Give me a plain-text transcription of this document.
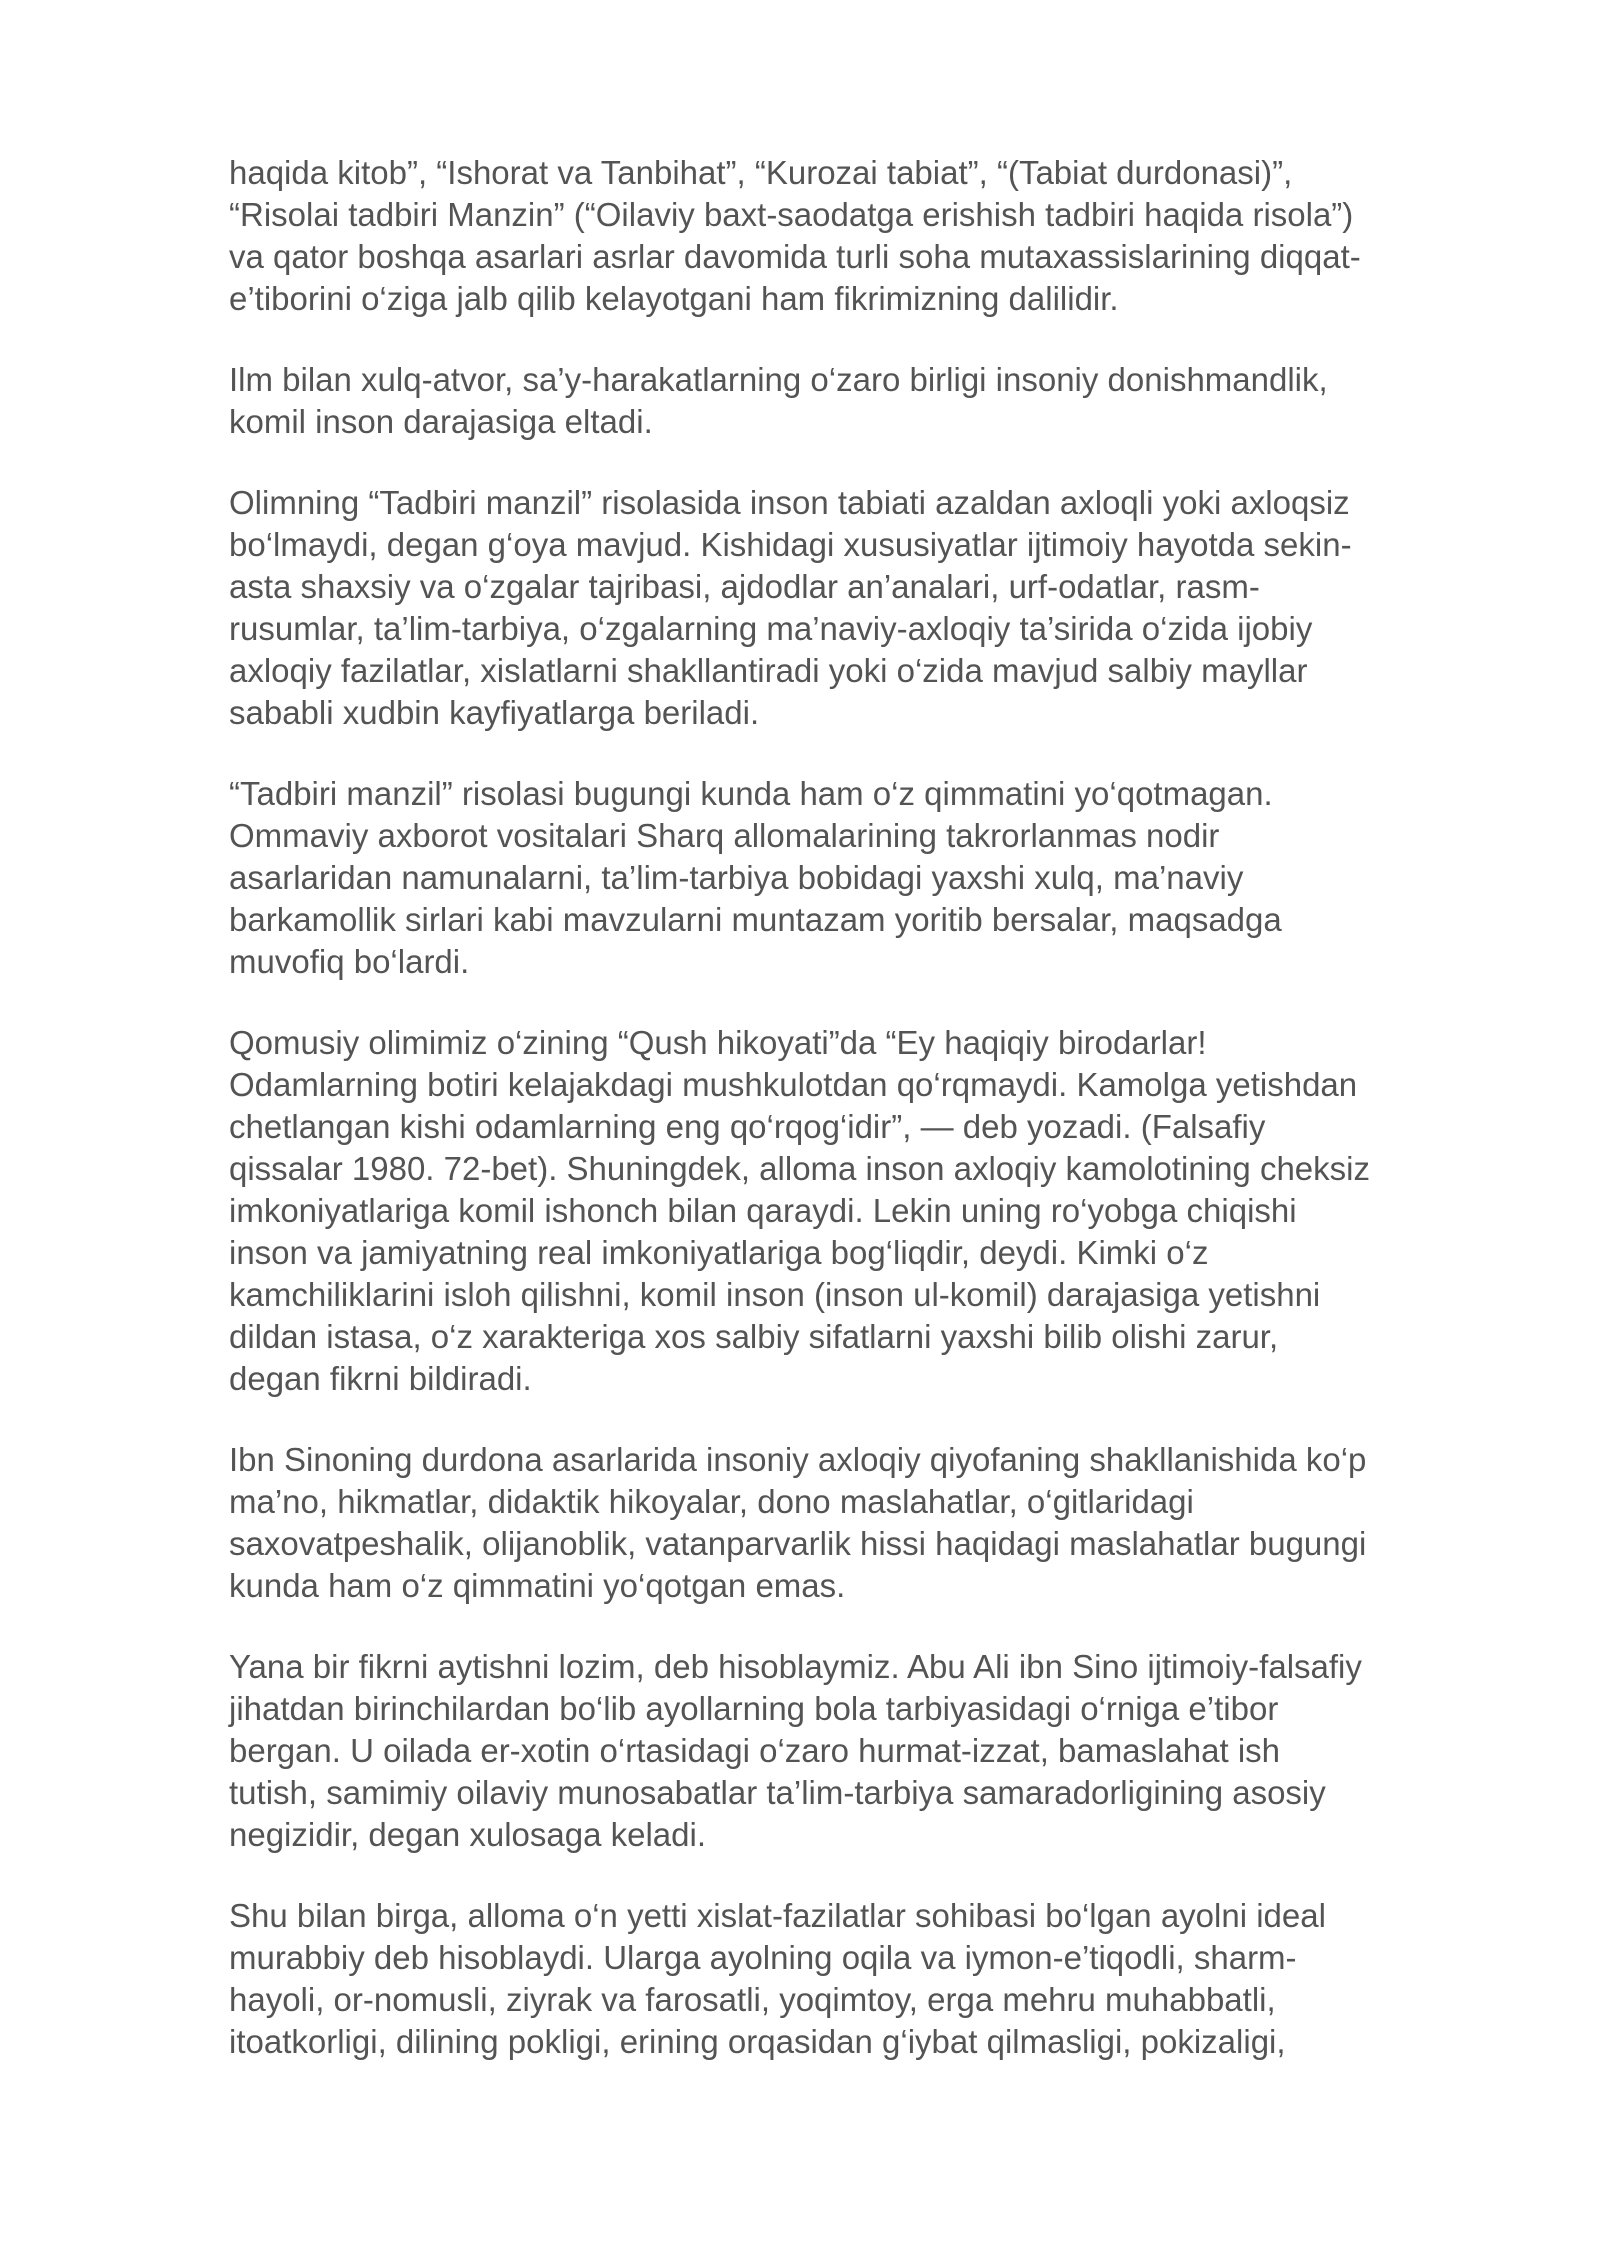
haqida kitob”, “Ishorat va Tanbihat”, “Kurozai tabiat”, “(Tabiat durdonasi)”,
“Risolai tadbiri Manzin” (“Oilaviy baxt-saodatga erishish tadbiri haqida risola”)
va qator boshqa asarlari asrlar davomida turli soha mutaxassislarining diqqat-
e’tiborini o‘ziga jalb qilib kelayotgani ham fikrimizning dalilidir.

Ilm bilan xulq-atvor, sa’y-harakatlarning o‘zaro birligi insoniy donishmandlik,
komil inson darajasiga eltadi.

Olimning “Tadbiri manzil” risolasida inson tabiati azaldan axloqli yoki axloqsiz
bo‘lmaydi, degan g‘oya mavjud. Kishidagi xususiyatlar ijtimoiy hayotda sekin-
asta shaxsiy va o‘zgalar tajribasi, ajdodlar an’analari, urf-odatlar, rasm-
rusumlar, ta’lim-tarbiya, o‘zgalarning ma’naviy-axloqiy ta’sirida o‘zida ijobiy
axloqiy fazilatlar, xislatlarni shakllantiradi yoki o‘zida mavjud salbiy mayllar
sababli xudbin kayfiyatlarga beriladi.

“Tadbiri manzil” risolasi bugungi kunda ham o‘z qimmatini yo‘qotmagan.
Ommaviy axborot vositalari Sharq allomalarining takrorlanmas nodir
asarlaridan namunalarni, ta’lim-tarbiya bobidagi yaxshi xulq, ma’naviy
barkamollik sirlari kabi mavzularni muntazam yoritib bersalar, maqsadga
muvofiq bo‘lardi.

Qomusiy olimimiz o‘zining “Qush hikoyati”da “Ey haqiqiy birodarlar!
Odamlarning botiri kelajakdagi mushkulotdan qo‘rqmaydi. Kamolga yetishdan
chetlangan kishi odamlarning eng qo‘rqog‘idir”, — deb yozadi. (Falsafiy
qissalar 1980. 72-bet). Shuningdek, alloma inson axloqiy kamolotining cheksiz
imkoniyatlariga komil ishonch bilan qaraydi. Lekin uning ro‘yobga chiqishi
inson va jamiyatning real imkoniyatlariga bog‘liqdir, deydi. Kimki o‘z
kamchiliklarini isloh qilishni, komil inson (inson ul-komil) darajasiga yetishni
dildan istasa, o‘z xarakteriga xos salbiy sifatlarni yaxshi bilib olishi zarur,
degan fikrni bildiradi.

Ibn Sinoning durdona asarlarida insoniy axloqiy qiyofaning shakllanishida ko‘p
ma’no, hikmatlar, didaktik hikoyalar, dono maslahatlar, o‘gitlaridagi
saxovatpeshalik, olijanoblik, vatanparvarlik hissi haqidagi maslahatlar bugungi
kunda ham o‘z qimmatini yo‘qotgan emas.

Yana bir fikrni aytishni lozim, deb hisoblaymiz. Abu Ali ibn Sino ijtimoiy-falsafiy
jihatdan birinchilardan bo‘lib ayollarning bola tarbiyasidagi o‘rniga e’tibor
bergan. U oilada er-xotin o‘rtasidagi o‘zaro hurmat-izzat, bamaslahat ish
tutish, samimiy oilaviy munosabatlar ta’lim-tarbiya samaradorligining asosiy
negizidir, degan xulosaga keladi.

Shu bilan birga, alloma o‘n yetti xislat-fazilatlar sohibasi bo‘lgan ayolni ideal
murabbiy deb hisoblaydi. Ularga ayolning oqila va iymon-e’tiqodli, sharm-
hayoli, or-nomusli, ziyrak va farosatli, yoqimtoy, erga mehru muhabbatli,
itoatkorligi, dilining pokligi, erining orqasidan g‘iybat qilmasligi, pokizaligi,
